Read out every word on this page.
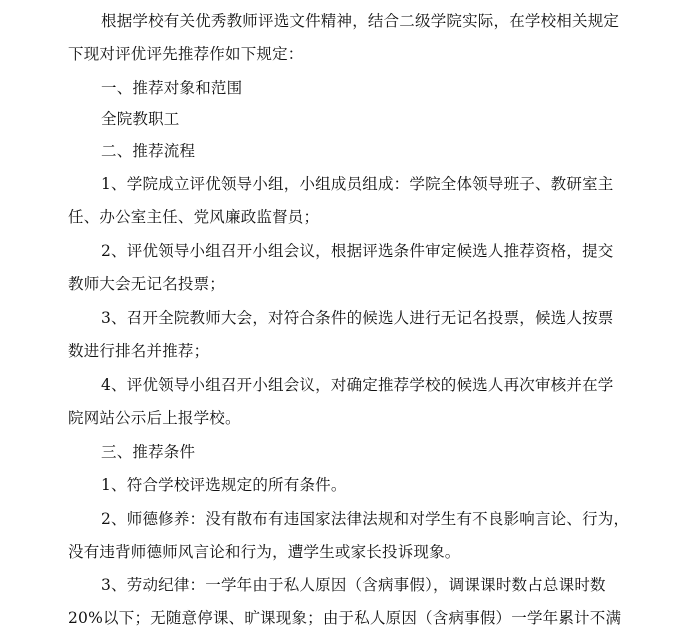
根据学校有关优秀教师评选文件精神，结合二级学院实际，在学校相关规定
下现对评优评先推荐作如下规定：
一、推荐对象和范围
全院教职工
二、推荐流程
1、学院成立评优领导小组，小组成员组成：学院全体领导班子、教研室主
任、办公室主任、党风廉政监督员；
2、评优领导小组召开小组会议，根据评选条件审定候选人推荐资格，提交
教师大会无记名投票；
3、召开全院教师大会，对符合条件的候选人进行无记名投票，候选人按票
数进行排名并推荐；
4、评优领导小组召开小组会议，对确定推荐学校的候选人再次审核并在学
院网站公示后上报学校。
三、推荐条件
1、符合学校评选规定的所有条件。
2、师德修养：没有散布有违国家法律法规和对学生有不良影响言论、行为，
没有违背师德师风言论和行为，遭学生或家长投诉现象。
3、劳动纪律：一学年由于私人原因（含病事假），调课课时数占总课时数
20%以下；无随意停课、旷课现象；由于私人原因（含病事假）一学年累计不满
